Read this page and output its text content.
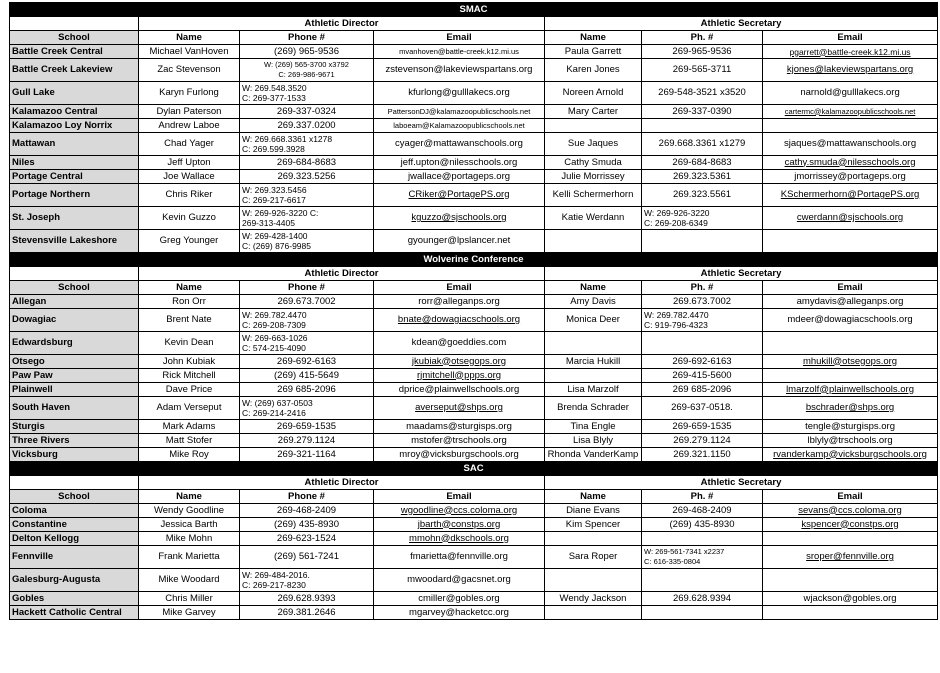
SMAC						
	Athletic Director			Athletic Secretary		
School	Name	Phone #	Email	Name	Ph. #	Email
Battle Creek Central	Michael VanHoven	(269) 965-9536	mvanhoven@battle-creek.k12.mi.us	Paula Garrett	269-965-9536	pgarrett@battle-creek.k12.mi.us
Battle Creek Lakeview	Zac Stevenson	W: (269) 565-3700 x3792
C: 269-986-9671	zstevenson@lakeviewspartans.org	Karen Jones	269-565-3711	kjones@lakeviewspartans.org
Gull Lake	Karyn Furlong	W: 269.548.3520
C: 269-377-1533	kfurlong@gulllakecs.org	Noreen Arnold	269-548-3521 x3520	narnold@gulllakecs.org
Kalamazoo Central	Dylan Paterson	269-337-0324	PattersonDJ@kalamazoopublicschools.net	Mary Carter	269-337-0390	cartermc@kalamazoopublicschools.net
Kalamazoo Loy Norrix	Andrew Laboe	269.337.0200	laboeam@Kalamazoopublicschools.net			
Mattawan	Chad Yager	W: 269.668.3361 x1278
C: 269.599.3928	cyager@mattawanschools.org	Sue Jaques	269.668.3361 x1279	sjaques@mattawanschools.org
Niles	Jeff Upton	269-684-8683	jeff.upton@nilesschools.org	Cathy Smuda	269-684-8683	cathy.smuda@nilesschools.org
Portage Central	Joe Wallace	269.323.5256	jwallace@portageps.org	Julie Morrissey	269.323.5361	jmorrissey@portageps.org
Portage Northern	Chris Riker	W: 269.323.5456
C: 269-217-6617	CRiker@PortagePS.org	Kelli Schermerhorn	269.323.5561	KSchermerhorn@PortagePS.org
St. Joseph	Kevin Guzzo	W: 269-926-3220 C:
269-313-4405	kguzzo@sjschools.org	Katie Werdann	W: 269-926-3220
C: 269-208-6349	cwerdann@sjschools.org
Stevensville Lakeshore	Greg Younger	W: 269-428-1400
C: (269) 876-9985	gyounger@lpslancer.net			
Wolverine Conference						
	Athletic Director			Athletic Secretary		
School	Name	Phone #	Email	Name	Ph. #	Email
Allegan	Ron Orr	269.673.7002	rorr@alleganps.org	Amy Davis	269.673.7002	amydavis@alleganps.org
Dowagiac	Brent Nate	W: 269.782.4470
C: 269-208-7309	bnate@dowagiacschools.org	Monica Deer	W: 269.782.4470
C: 919-796-4323	mdeer@dowagiacschools.org
Edwardsburg	Kevin Dean	W: 269-663-1026
C: 574-215-4090	kdean@goeddies.com			
Otsego	John Kubiak	269-692-6163	jkubiak@otsegops.org	Marcia Hukill	269-692-6163	mhukill@otsegops.org
Paw Paw	Rick Mitchell	(269) 415-5649	rjmitchell@ppps.org		269-415-5600	

Plainwell	Dave Price	269 685-2096	dprice@plainwellschools.org	Lisa Marzolf	269 685-2096	lmarzolf@plainwellschools.org
South Haven	Adam Verseput	W: (269) 637-0503
C: 269-214-2416	averseput@shps.org	Brenda Schrader	269-637-0518.	bschrader@shps.org
Sturgis	Mark Adams	269-659-1535	maadams@sturgisps.org	Tina Engle	269-659-1535	tengle@sturgisps.org
Three Rivers	Matt Stofer	269.279.1124	mstofer@trschools.org	Lisa Blyly	269.279.1124	lblyly@trschools.org
Vicksburg	Mike Roy	269-321-1164	mroy@vicksburgschools.org	Rhonda VanderKamp	269.321.1150	rvanderkamp@vicksburgschools.org
SAC						
	Athletic Director			Athletic Secretary		
School	Name	Phone #	Email	Name	Ph. #	Email
Coloma	Wendy Goodline	269-468-2409	wgoodline@ccs.coloma.org	Diane Evans	269-468-2409	sevans@ccs.coloma.org
Constantine	Jessica Barth	(269) 435-8930	jbarth@constps.org	Kim Spencer	(269) 435-8930	kspencer@constps.org
Delton Kellogg	Mike Mohn	269-623-1524	mmohn@dkschools.org			
Fennville	Frank Marietta	(269) 561-7241	fmarietta@fennville.org	Sara Roper	W: 269-561-7341 x2237
C: 616-335-0804	sroper@fennville.org
Galesburg-Augusta	Mike Woodard	W: 269-484-2016.
C: 269-217-8230	mwoodard@gacsnet.org			
Gobles	Chris Miller	269.628.9393	cmiller@gobles.org	Wendy Jackson	269.628.9394	wjackson@gobles.org
Hackett Catholic Central	Mike Garvey	269.381.2646	mgarvey@hacketcc.org			
